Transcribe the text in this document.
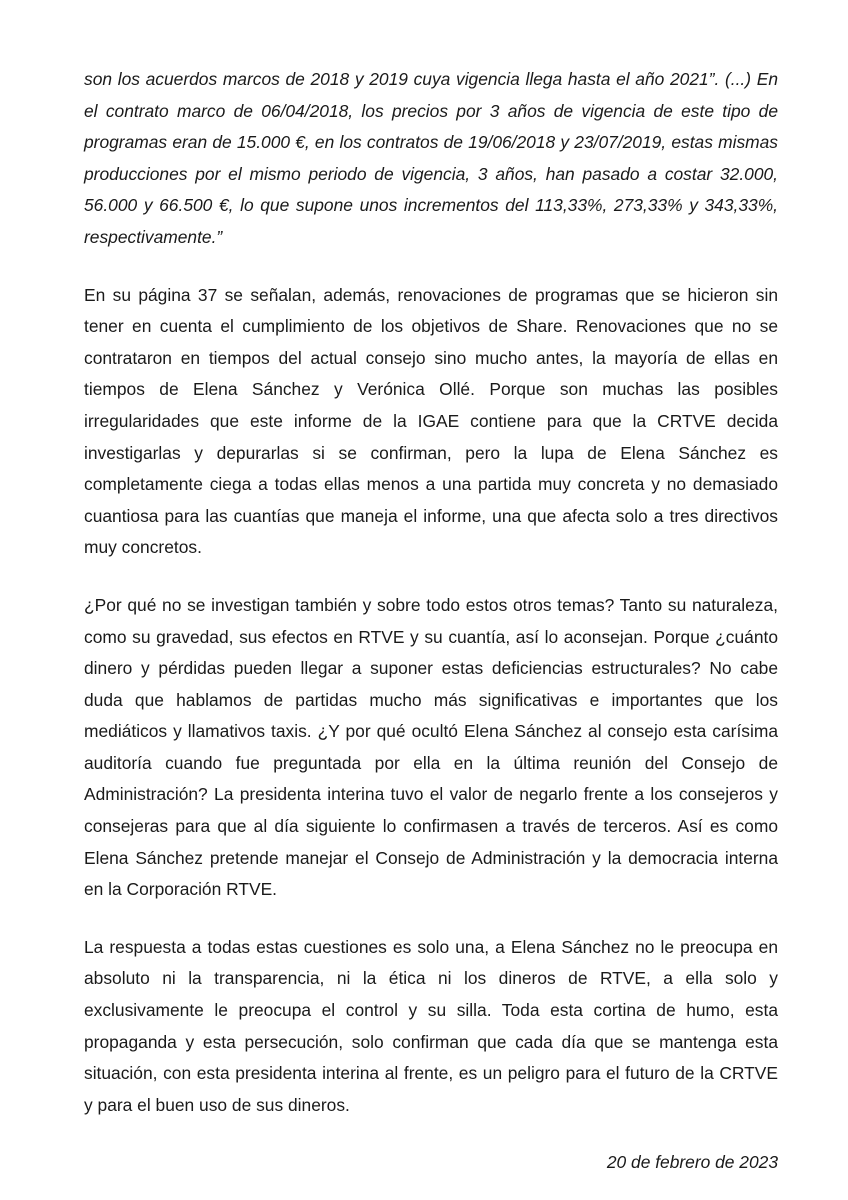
son los acuerdos marcos de 2018 y 2019 cuya vigencia llega hasta el año 2021”. (...) En el contrato marco de 06/04/2018, los precios por 3 años de vigencia de este tipo de programas eran de 15.000 €, en los contratos de 19/06/2018 y 23/07/2019, estas mismas producciones por el mismo periodo de vigencia, 3 años, han pasado a costar 32.000, 56.000 y 66.500 €, lo que supone unos incrementos del 113,33%, 273,33% y 343,33%, respectivamente.”

En su página 37 se señalan, además, renovaciones de programas que se hicieron sin tener en cuenta el cumplimiento de los objetivos de Share. Renovaciones que no se contrataron en tiempos del actual consejo sino mucho antes, la mayoría de ellas en tiempos de Elena Sánchez y Verónica Ollé. Porque son muchas las posibles irregularidades que este informe de la IGAE contiene para que la CRTVE decida investigarlas y depurarlas si se confirman, pero la lupa de Elena Sánchez es completamente ciega a todas ellas menos a una partida muy concreta y no demasiado cuantiosa para las cuantías que maneja el informe, una que afecta solo a tres directivos muy concretos.

¿Por qué no se investigan también y sobre todo estos otros temas? Tanto su naturaleza, como su gravedad, sus efectos en RTVE y su cuantía, así lo aconsejan. Porque ¿cuánto dinero y pérdidas pueden llegar a suponer estas deficiencias estructurales? No cabe duda que hablamos de partidas mucho más significativas e importantes que los mediáticos y llamativos taxis. ¿Y por qué ocultó Elena Sánchez al consejo esta carísima auditoría cuando fue preguntada por ella en la última reunión del Consejo de Administración? La presidenta interina tuvo el valor de negarlo frente a los consejeros y consejeras para que al día siguiente lo confirmasen a través de terceros. Así es como Elena Sánchez pretende manejar el Consejo de Administración y la democracia interna en la Corporación RTVE.

La respuesta a todas estas cuestiones es solo una, a Elena Sánchez no le preocupa en absoluto ni la transparencia, ni la ética ni los dineros de RTVE, a ella solo y exclusivamente le preocupa el control y su silla. Toda esta cortina de humo, esta propaganda y esta persecución, solo confirman que cada día que se mantenga esta situación, con esta presidenta interina al frente, es un peligro para el futuro de la CRTVE y para el buen uso de sus dineros.

20 de febrero de 2023
